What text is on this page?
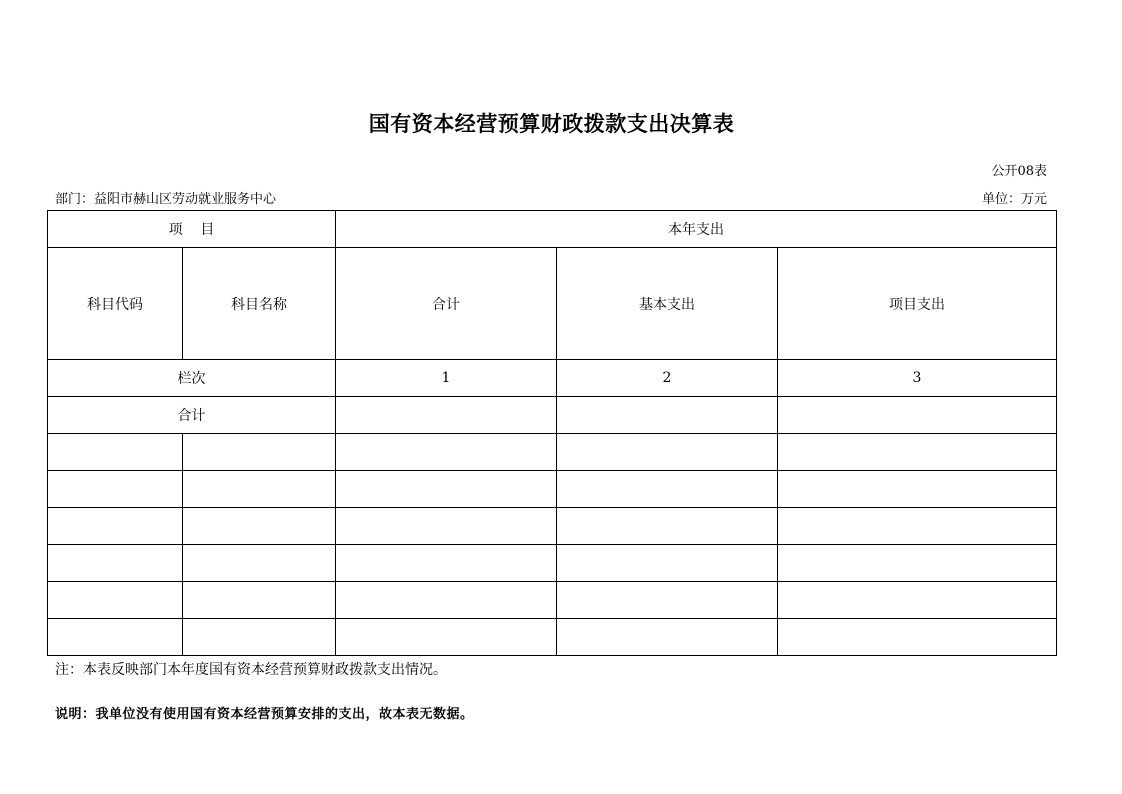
国有资本经营预算财政拨款支出决算表
公开08表
部门：益阳市赫山区劳动就业服务中心	单位：万元
项    目		本年支出		
科目代码	科目名称	合计	基本支出	项目支出
栏次		1	2	3
合计				

注：本表反映部门本年度国有资本经营预算财政拨款支出情况。
说明：我单位没有使用国有资本经营预算安排的支出，故本表无数据。
